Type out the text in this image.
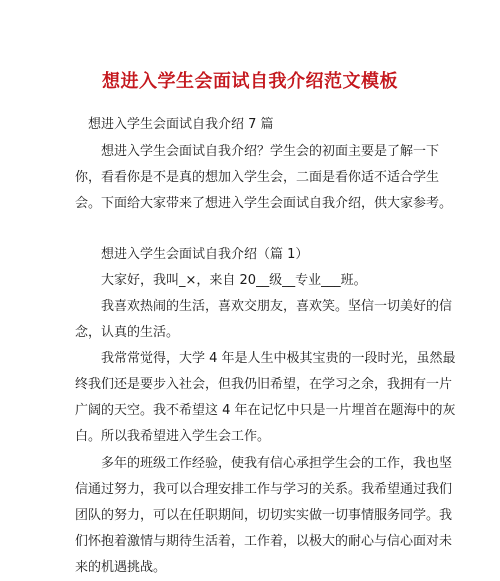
想进入学生会面试自我介绍范文模板
想进入学生会面试自我介绍 7 篇
想进入学生会面试自我介绍？学生会的初面主要是了解一下
你，看看你是不是真的想加入学生会，二面是看你适不适合学生
会。下面给大家带来了想进入学生会面试自我介绍，供大家参考。
想进入学生会面试自我介绍（篇 1）
大家好，我叫_×，来自 20__级__专业___班。
我喜欢热闹的生活，喜欢交朋友，喜欢笑。坚信一切美好的信
念，认真的生活。
我常常觉得，大学 4 年是人生中极其宝贵的一段时光，虽然最
终我们还是要步入社会，但我仍旧希望，在学习之余，我拥有一片
广阔的天空。我不希望这 4 年在记忆中只是一片埋首在题海中的灰
白。所以我希望进入学生会工作。
多年的班级工作经验，使我有信心承担学生会的工作，我也坚
信通过努力，我可以合理安排工作与学习的关系。我希望通过我们
团队的努力，可以在任职期间，切切实实做一切事情服务同学。我
们怀抱着激情与期待生活着，工作着，以极大的耐心与信心面对未
来的机遇挑战。
